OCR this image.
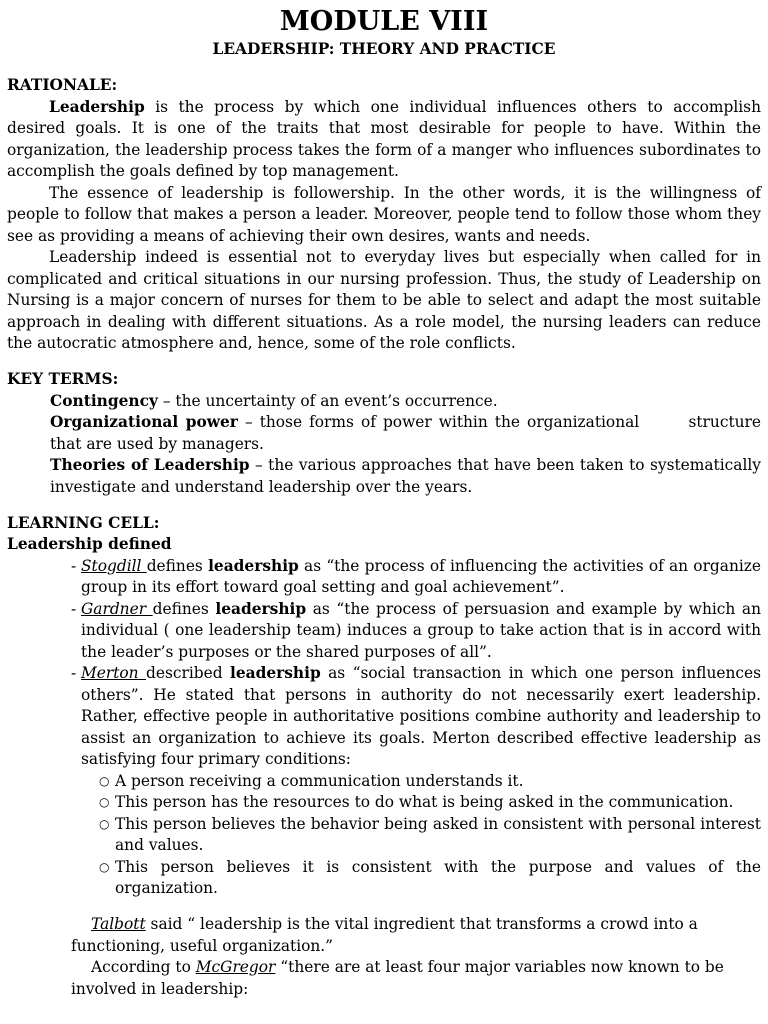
MODULE VIII
LEADERSHIP: THEORY AND PRACTICE

RATIONALE:

Leadership is the process by which one individual influences others to accomplish desired goals. It is one of the traits that most desirable for people to have. Within the organization, the leadership process takes the form of a manger who influences subordinates to accomplish the goals defined by top management.

The essence of leadership is followership. In the other words, it is the willingness of people to follow that makes a person a leader. Moreover, people tend to follow those whom they see as providing a means of achieving their own desires, wants and needs.

Leadership indeed is essential not to everyday lives but especially when called for in complicated and critical situations in our nursing profession. Thus, the study of Leadership on Nursing is a major concern of nurses for them to be able to select and adapt the most suitable approach in dealing with different situations. As a role model, the nursing leaders can reduce the autocratic atmosphere and, hence, some of the role conflicts.

KEY TERMS:

Contingency – the uncertainty of an event’s occurrence.
Organizational power – those forms of power within the organizational       structure that are used by managers.
Theories of Leadership – the various approaches that have been taken to systematically investigate and understand leadership over the years.

LEARNING CELL:

Leadership defined

- Stogdill defines leadership as “the process of influencing the activities of an organize group in its effort toward goal setting and goal achievement”.
- Gardner defines leadership as “the process of persuasion and example by which an individual ( one leadership team) induces a group to take action that is in accord with the leader’s purposes or the shared purposes of all”.
- Merton described leadership as “social transaction in which one person influences others”. He stated that persons in authority do not necessarily exert leadership. Rather, effective people in authoritative positions combine authority and leadership to assist an organization to achieve its goals. Merton described effective leadership as satisfying four primary conditions:
○ A person receiving a communication understands it.
○ This person has the resources to do what is being asked in the communication.
○ This person believes the behavior being asked in consistent with personal interest and values.
○ This person believes it is consistent with the purpose and values of the organization.

Talbott said “ leadership is the vital ingredient that transforms a crowd into a functioning, useful organization.”

According to McGregor “there are at least four major variables now known to be involved in leadership:
